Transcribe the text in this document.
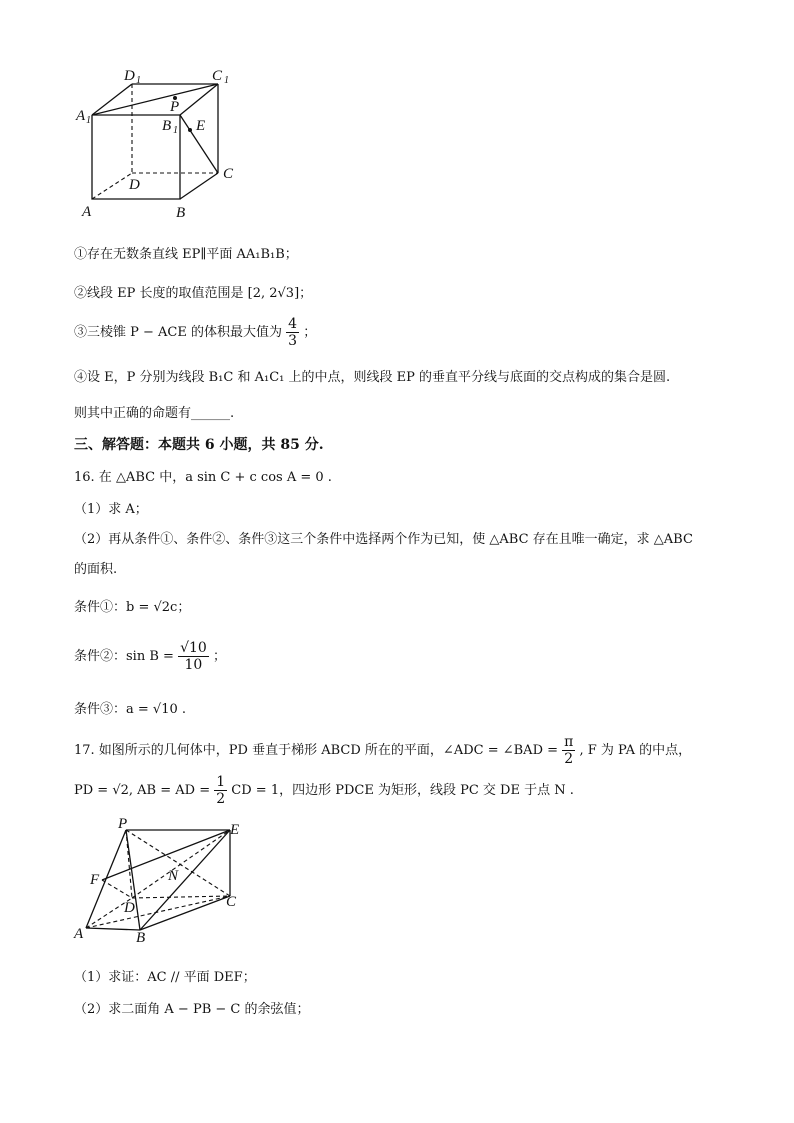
D 1	C 1
A 1
P
B 1 E
D
C
A	B
①存在无数条直线 EP∥平面 AA₁B₁B；
②线段 EP 长度的取值范围是 [2, 2√3]；
③三棱锥 P − ACE 的体积最大值为 $\frac{4}{3}$ ；
④设 E，P 分别为线段 B₁C 和 A₁C₁ 上的中点，则线段 EP 的垂直平分线与底面的交点构成的集合是圆.
则其中正确的命题有______.
三、解答题：本题共 6 小题，共 85 分.
16. 在 △ABC 中，a sin C + c cos A = 0 .
（1）求 A；
（2）再从条件①、条件②、条件③这三个条件中选择两个作为已知，使 △ABC 存在且唯一确定，求 △ABC
的面积.
条件①：b = √2c；
条件②：$\sin B = \frac{√10}{10}$ ；
条件③：a = √10 .
17. 如图所示的几何体中，PD 垂直于梯形 ABCD 所在的平面，∠ADC = ∠BAD = $\frac{\pi}{2}$ , F 为 PA 的中点，
PD = √2, AB = AD = $\frac{1}{2}$ CD = 1，四边形 PDCE 为矩形，线段 PC 交 DE 于点 N .
P	E
F	N
D	C
A	B
（1）求证：AC // 平面 DEF；
（2）求二面角 A − PB − C 的余弦值；
